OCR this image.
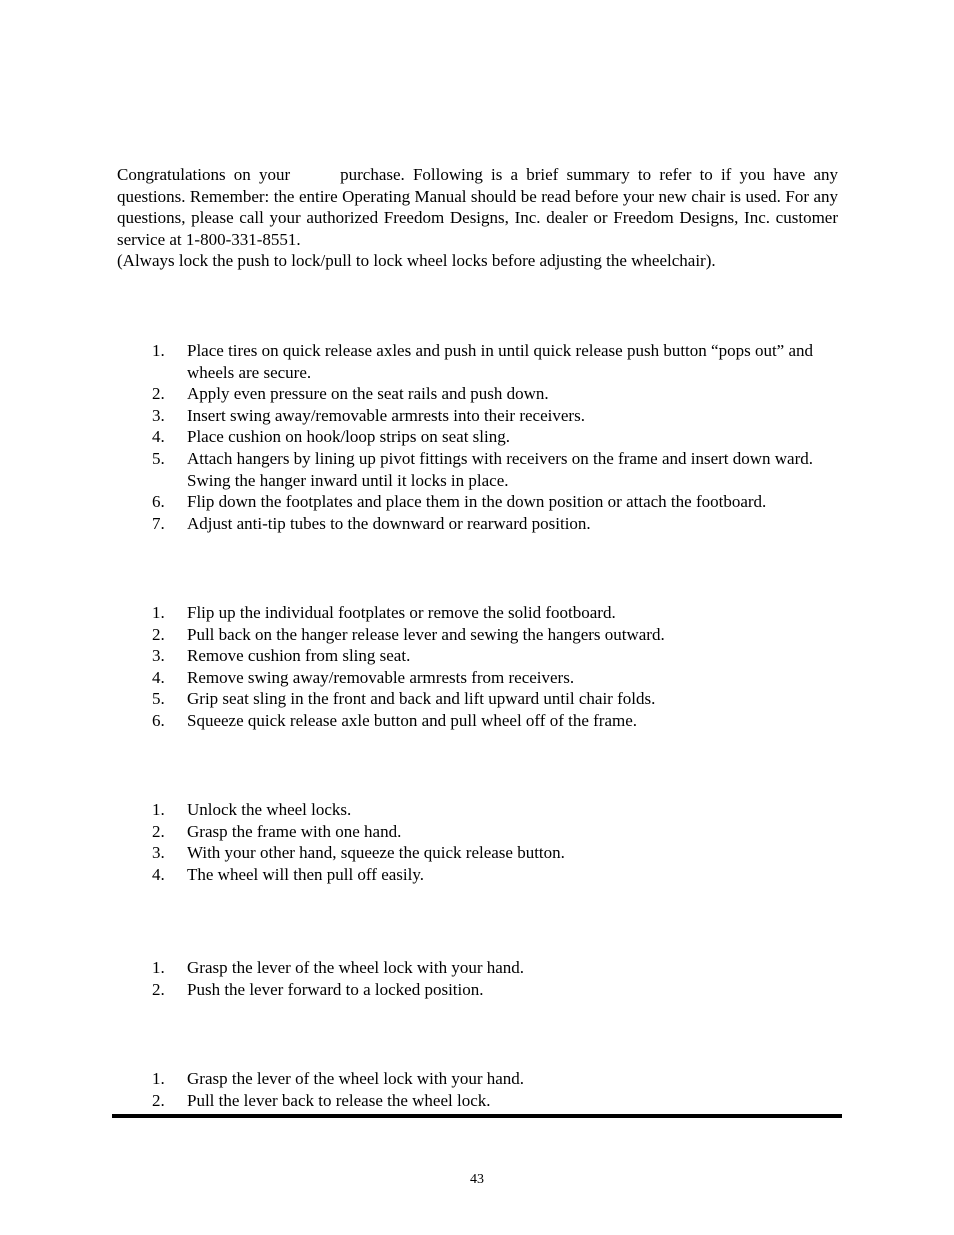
Congratulations on your	purchase. Following is a brief summary to refer to if you have any questions. Remember: the entire Operating Manual should be read before your new chair is used. For any questions, please call your authorized Freedom Designs, Inc. dealer or Freedom Designs, Inc. customer service at 1-800-331-8551.

(Always lock the push to lock/pull to lock wheel locks before adjusting the wheelchair).

1. Place tires on quick release axles and push in until quick release push button “pops out” and wheels are secure.
2. Apply even pressure on the seat rails and push down.
3. Insert swing away/removable armrests into their receivers.
4. Place cushion on hook/loop strips on seat sling.
5. Attach hangers by lining up pivot fittings with receivers on the frame and insert down ward. Swing the hanger inward until it locks in place.
6. Flip down the footplates and place them in the down position or attach the footboard.
7. Adjust anti-tip tubes to the downward or rearward position.
1. Flip up the individual footplates or remove the solid footboard.
2. Pull back on the hanger release lever and sewing the hangers outward.
3. Remove cushion from sling seat.
4. Remove swing away/removable armrests from receivers.
5. Grip seat sling in the front and back and lift upward until chair folds.
6. Squeeze quick release axle button and pull wheel off of the frame.
1. Unlock the wheel locks.
2. Grasp the frame with one hand.
3. With your other hand, squeeze the quick release button.
4. The wheel will then pull off easily.
1. Grasp the lever of the wheel lock with your hand.
2. Push the lever forward to a locked position.
1. Grasp the lever of the wheel lock with your hand.
2. Pull the lever back to release the wheel lock.
43
